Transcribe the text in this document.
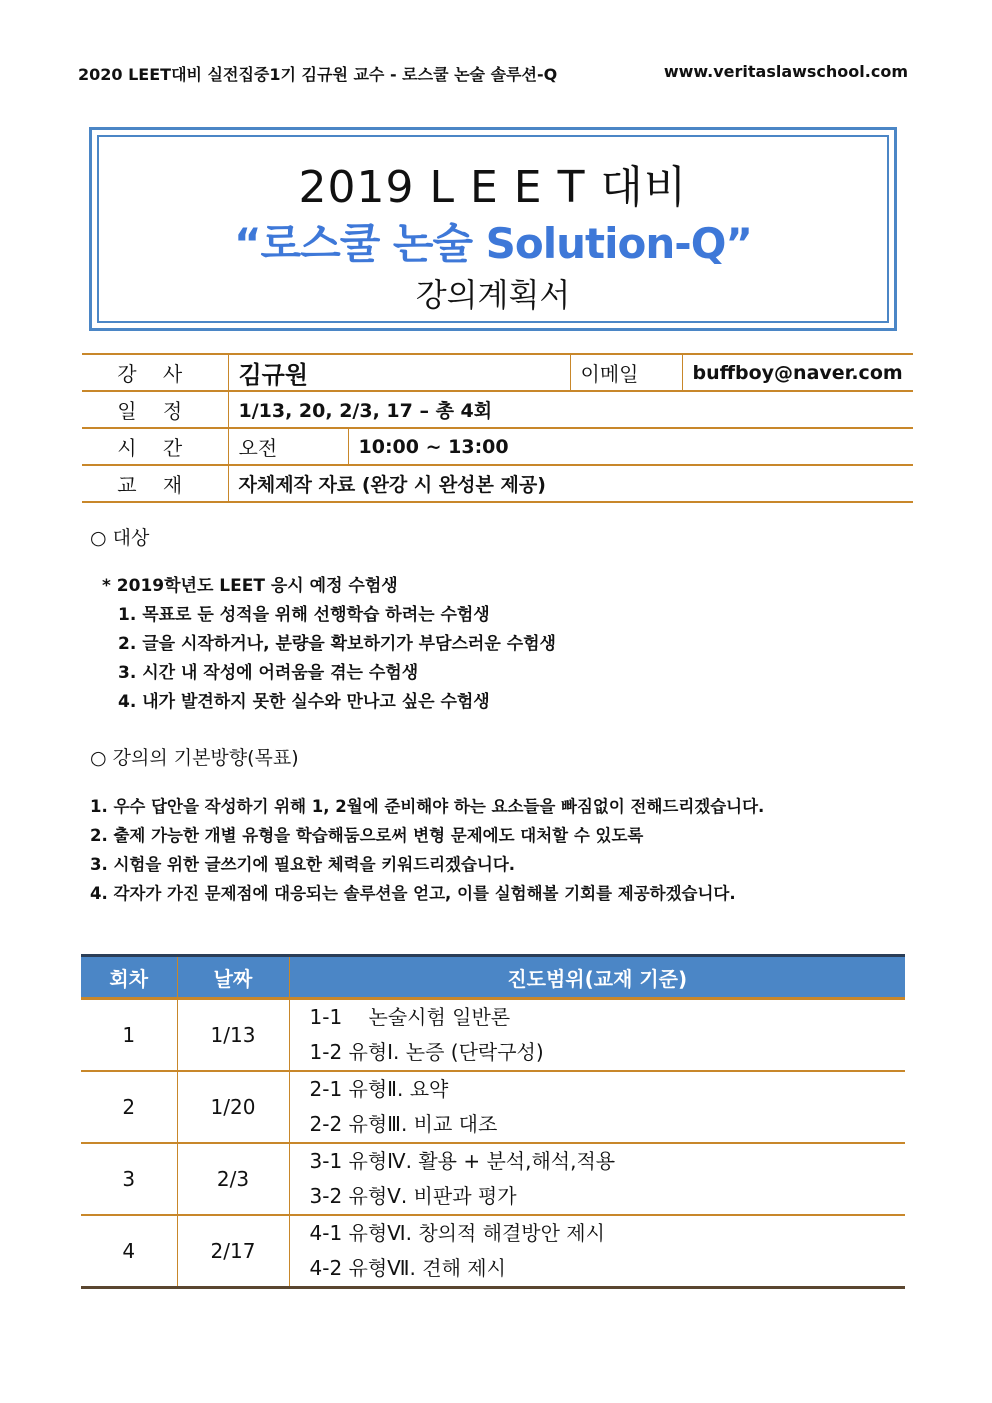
2020 LEET대비 실전집중1기 김규원 교수 - 로스쿨 논술 솔루션-Q	www.veritaslawschool.com
2019 L E E T 대비
“로스쿨 논술 Solution-Q”
강의계획서
강 사	김규원		이메일	buffboy@naver.com
일 정	1/13, 20, 2/3, 17 – 총 4회			
시 간	오전	10:00 ~ 13:00		
교 재	자체제작 자료 (완강 시 완성본 제공)			
○ 대상
* 2019학년도 LEET 응시 예정 수험생
1. 목표로 둔 성적을 위해 선행학습 하려는 수험생
2. 글을 시작하거나, 분량을 확보하기가 부담스러운 수험생
3. 시간 내 작성에 어려움을 겪는 수험생
4. 내가 발견하지 못한 실수와 만나고 싶은 수험생
○ 강의의 기본방향(목표)
1. 우수 답안을 작성하기 위해 1, 2월에 준비해야 하는 요소들을 빠짐없이 전해드리겠습니다.
2. 출제 가능한 개별 유형을 학습해둠으로써 변형 문제에도 대처할 수 있도록
3. 시험을 위한 글쓰기에 필요한 체력을 키워드리겠습니다.
4. 각자가 가진 문제점에 대응되는 솔루션을 얻고, 이를 실험해볼 기회를 제공하겠습니다.
회차	날짜	진도범위(교재 기준)
1	1/13	1-1 　논술시험 일반론
1-2 유형Ⅰ. 논증 (단락구성)

2	1/20	2-1 유형Ⅱ. 요약
2-2 유형Ⅲ. 비교 대조

3	2/3	3-1 유형Ⅳ. 활용 + 분석,해석,적용
3-2 유형Ⅴ. 비판과 평가

4	2/17	4-1 유형Ⅵ. 창의적 해결방안 제시
4-2 유형Ⅶ. 견해 제시
